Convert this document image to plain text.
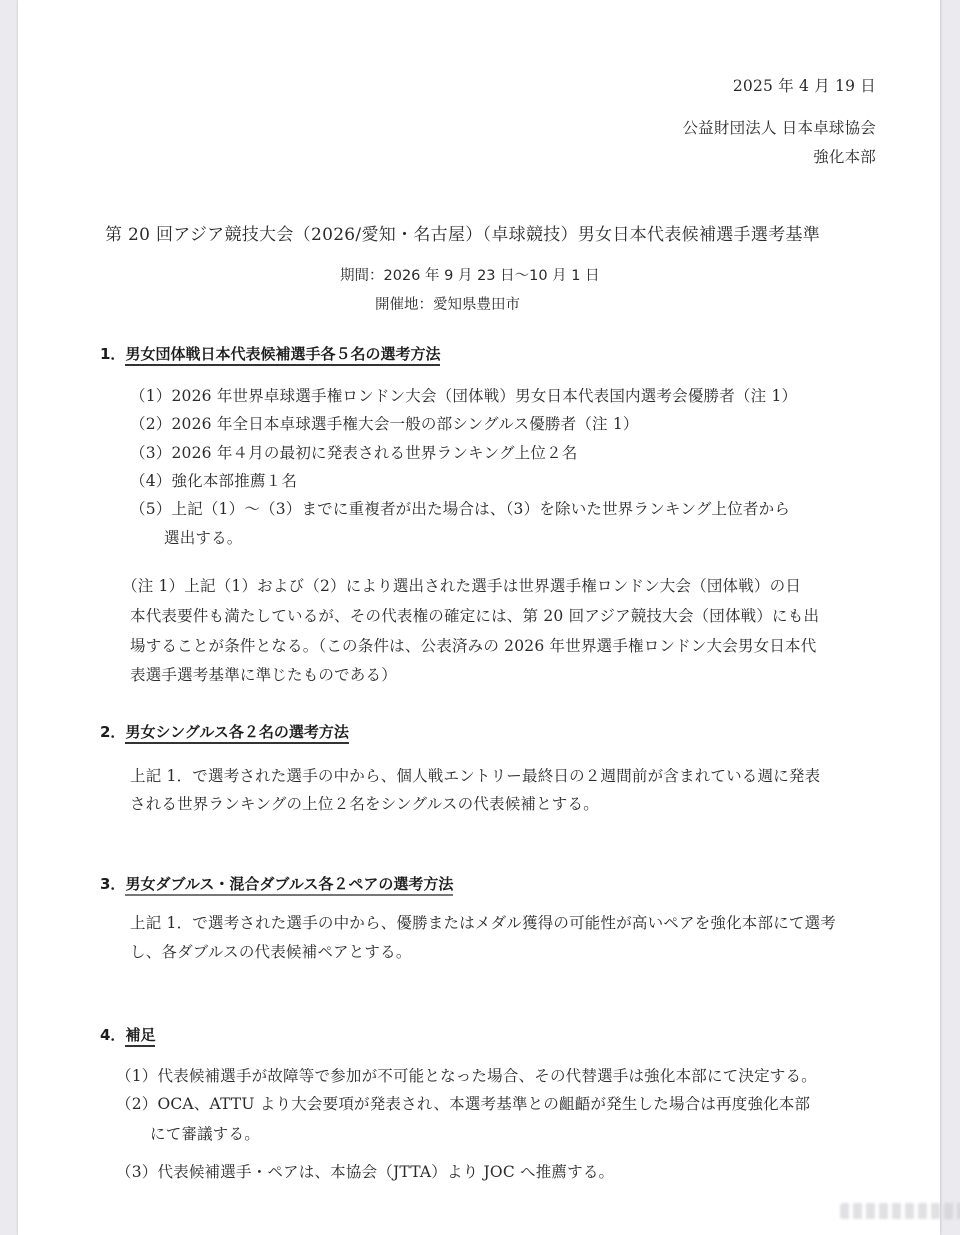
2025 年 4 月 19 日
公益財団法人 日本卓球協会
強化本部
第 20 回アジア競技大会（2026/愛知・名古屋）（卓球競技）男女日本代表候補選手選考基準
期間：2026 年 9 月 23 日〜10 月 1 日
開催地：愛知県豊田市
1．男女団体戦日本代表候補選手各５名の選考方法
（1）2026 年世界卓球選手権ロンドン大会（団体戦）男女日本代表国内選考会優勝者（注 1）
（2）2026 年全日本卓球選手権大会一般の部シングルス優勝者（注 1）
（3）2026 年４月の最初に発表される世界ランキング上位２名
（4）強化本部推薦１名
（5）上記（1）〜（3）までに重複者が出た場合は、（3）を除いた世界ランキング上位者から
選出する。
（注 1）上記（1）および（2）により選出された選手は世界選手権ロンドン大会（団体戦）の日
本代表要件も満たしているが、その代表権の確定には、第 20 回アジア競技大会（団体戦）にも出
場することが条件となる。（この条件は、公表済みの 2026 年世界選手権ロンドン大会男女日本代
表選手選考基準に準じたものである）
2．男女シングルス各２名の選考方法
上記 1．で選考された選手の中から、個人戦エントリー最終日の２週間前が含まれている週に発表
される世界ランキングの上位２名をシングルスの代表候補とする。
3．男女ダブルス・混合ダブルス各２ペアの選考方法
上記 1．で選考された選手の中から、優勝またはメダル獲得の可能性が高いペアを強化本部にて選考
し、各ダブルスの代表候補ペアとする。
4．補足
（1）代表候補選手が故障等で参加が不可能となった場合、その代替選手は強化本部にて決定する。
（2）OCA、ATTU より大会要項が発表され、本選考基準との齟齬が発生した場合は再度強化本部
にて審議する。
（3）代表候補選手・ペアは、本協会（JTTA）より JOC へ推薦する。
